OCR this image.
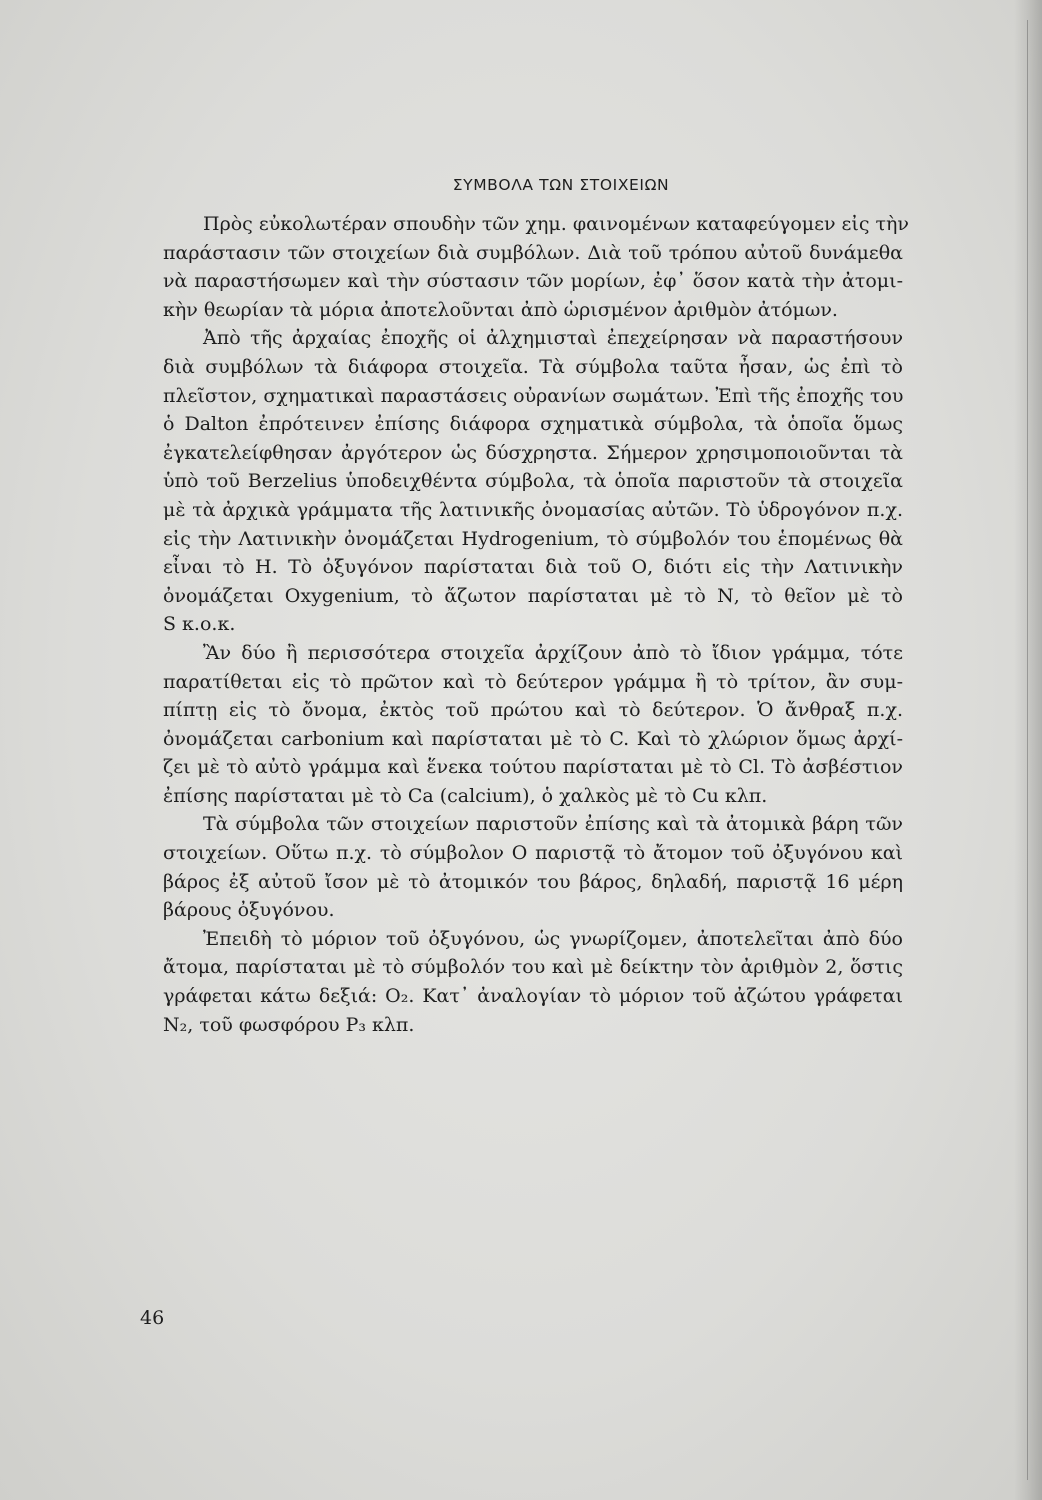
ΣΥΜΒΟΛΑ ΤΩΝ ΣΤΟΙΧΕΙΩΝ

Πρὸς εὐκολωτέραν σπουδὴν τῶν χημ. φαινομένων καταφεύγομεν εἰς τὴν
παράστασιν τῶν στοιχείων διὰ συμβόλων. Διὰ τοῦ τρόπου αὐτοῦ δυνάμεθα
νὰ παραστήσωμεν καὶ τὴν σύστασιν τῶν μορίων, ἐφ᾽ ὅσον κατὰ τὴν ἀτομι-
κὴν θεωρίαν τὰ μόρια ἀποτελοῦνται ἀπὸ ὡρισμένον ἀριθμὸν ἀτόμων.

Ἀπὸ τῆς ἀρχαίας ἐποχῆς οἱ ἀλχημισταὶ ἐπεχείρησαν νὰ παραστήσουν
διὰ συμβόλων τὰ διάφορα στοιχεῖα. Τὰ σύμβολα ταῦτα ἦσαν, ὡς ἐπὶ τὸ
πλεῖστον, σχηματικαὶ παραστάσεις οὐρανίων σωμάτων. Ἐπὶ τῆς ἐποχῆς του
ὁ Dalton ἐπρότεινεν ἐπίσης διάφορα σχηματικὰ σύμβολα, τὰ ὁποῖα ὅμως
ἐγκατελείφθησαν ἀργότερον ὡς δύσχρηστα. Σήμερον χρησιμοποιοῦνται τὰ
ὑπὸ τοῦ Berzelius ὑποδειχθέντα σύμβολα, τὰ ὁποῖα παριστοῦν τὰ στοιχεῖα
μὲ τὰ ἀρχικὰ γράμματα τῆς λατινικῆς ὀνομασίας αὐτῶν. Τὸ ὑδρογόνον π.χ.
εἰς τὴν Λατινικὴν ὀνομάζεται Hydrogenium, τὸ σύμβολόν του ἑπομένως θὰ
εἶναι τὸ Η. Τὸ ὀξυγόνον παρίσταται διὰ τοῦ Ο, διότι εἰς τὴν Λατινικὴν
ὀνομάζεται Oxygenium, τὸ ἄζωτον παρίσταται μὲ τὸ Ν, τὸ θεῖον μὲ τὸ
S κ.ο.κ.

Ἂν δύο ἢ περισσότερα στοιχεῖα ἀρχίζουν ἀπὸ τὸ ἴδιον γράμμα, τότε
παρατίθεται εἰς τὸ πρῶτον καὶ τὸ δεύτερον γράμμα ἢ τὸ τρίτον, ἂν συμ-
πίπτῃ εἰς τὸ ὄνομα, ἐκτὸς τοῦ πρώτου καὶ τὸ δεύτερον. Ὁ ἄνθραξ π.χ.
ὀνομάζεται carbonium καὶ παρίσταται μὲ τὸ C. Καὶ τὸ χλώριον ὅμως ἀρχί-
ζει μὲ τὸ αὐτὸ γράμμα καὶ ἕνεκα τούτου παρίσταται μὲ τὸ Cl. Τὸ ἀσβέστιον
ἐπίσης παρίσταται μὲ τὸ Ca (calcium), ὁ χαλκὸς μὲ τὸ Cu κλπ.

Τὰ σύμβολα τῶν στοιχείων παριστοῦν ἐπίσης καὶ τὰ ἀτομικὰ βάρη τῶν
στοιχείων. Οὕτω π.χ. τὸ σύμβολον Ο παριστᾷ τὸ ἄτομον τοῦ ὀξυγόνου καὶ
βάρος ἐξ αὐτοῦ ἴσον μὲ τὸ ἀτομικόν του βάρος, δηλαδή, παριστᾷ 16 μέρη
βάρους ὀξυγόνου.

Ἐπειδὴ τὸ μόριον τοῦ ὀξυγόνου, ὡς γνωρίζομεν, ἀποτελεῖται ἀπὸ δύο
ἄτομα, παρίσταται μὲ τὸ σύμβολόν του καὶ μὲ δείκτην τὸν ἀριθμὸν 2, ὅστις
γράφεται κάτω δεξιά: O₂. Κατ᾽ ἀναλογίαν τὸ μόριον τοῦ ἀζώτου γράφεται
N₂, τοῦ φωσφόρου P₃ κλπ.

46
